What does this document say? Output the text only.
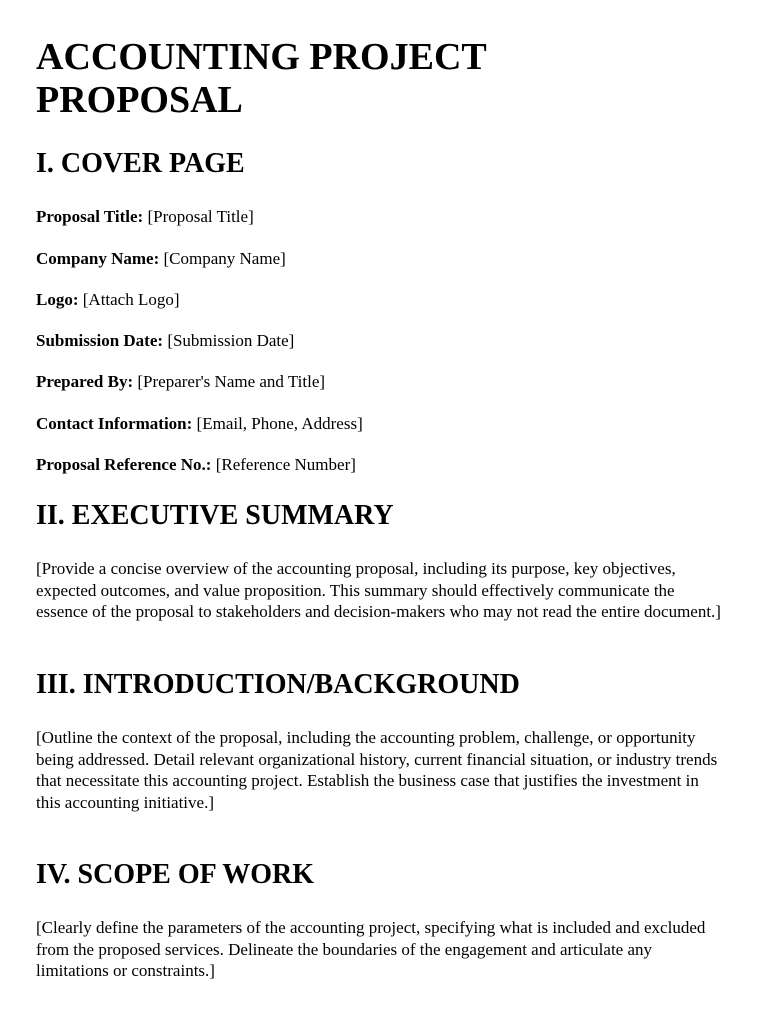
ACCOUNTING PROJECT PROPOSAL
I. COVER PAGE

Proposal Title: [Proposal Title]

Company Name: [Company Name]

Logo: [Attach Logo]

Submission Date: [Submission Date]

Prepared By: [Preparer's Name and Title]

Contact Information: [Email, Phone, Address]

Proposal Reference No.: [Reference Number]

II. EXECUTIVE SUMMARY

[Provide a concise overview of the accounting proposal, including its purpose, key objectives, expected outcomes, and value proposition. This summary should effectively communicate the essence of the proposal to stakeholders and decision-makers who may not read the entire document.]

III. INTRODUCTION/BACKGROUND

[Outline the context of the proposal, including the accounting problem, challenge, or opportunity being addressed. Detail relevant organizational history, current financial situation, or industry trends that necessitate this accounting project. Establish the business case that justifies the investment in this accounting initiative.]

IV. SCOPE OF WORK

[Clearly define the parameters of the accounting project, specifying what is included and excluded from the proposed services. Delineate the boundaries of the engagement and articulate any limitations or constraints.]
